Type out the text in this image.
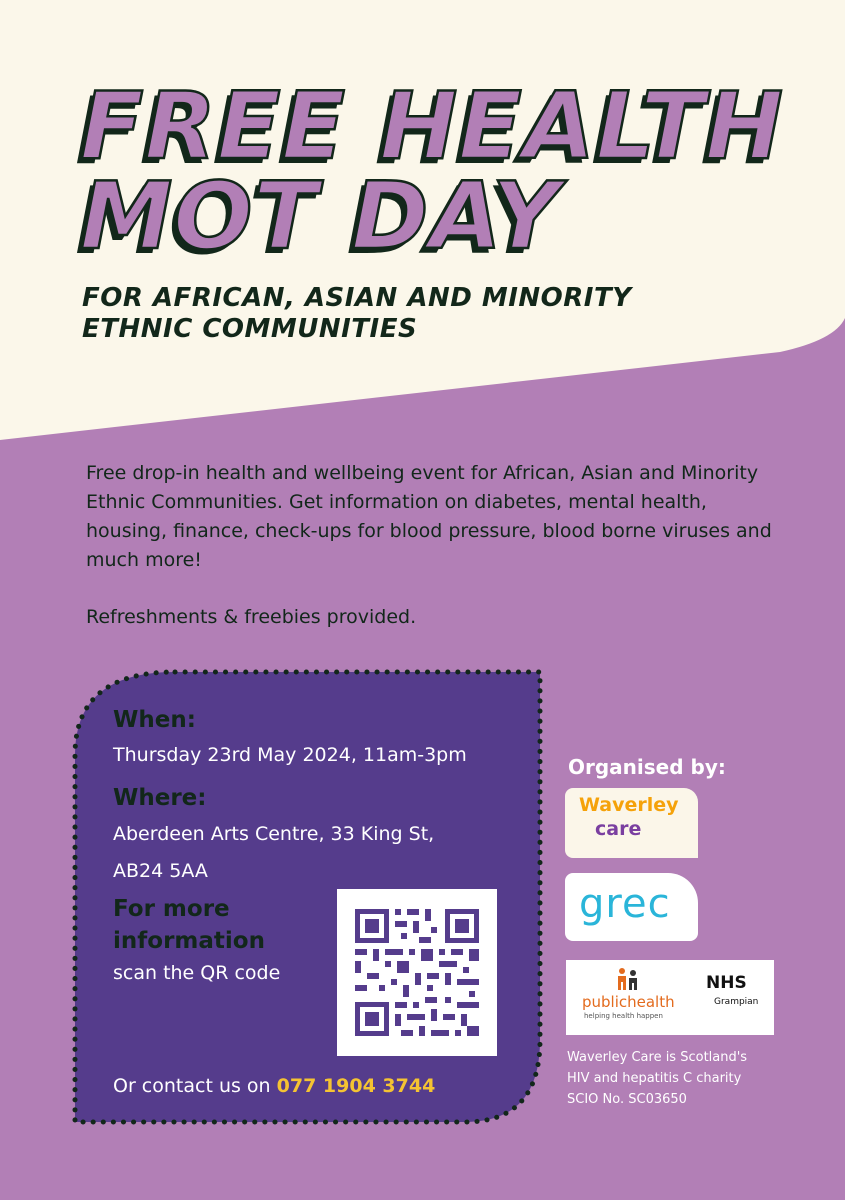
FREE HEALTH
MOT DAY
FOR AFRICAN, ASIAN AND MINORITY
ETHNIC COMMUNITIES

Free drop-in health and wellbeing event for African, Asian and Minority Ethnic Communities. Get information on diabetes, mental health, housing, finance, check-ups for blood pressure, blood borne viruses and much more!

Refreshments & freebies provided.

When:
Thursday 23rd May 2024, 11am-3pm
Where:
Aberdeen Arts Centre, 33 King St,
AB24 5AA
For more
information
scan the QR code
Or contact us on 077 1904 3744
Organised by:
Waverley
care
grec
publichealth
helping health happen
NHS
Grampian
Waverley Care is Scotland's
HIV and hepatitis C charity
SCIO No. SC03650
